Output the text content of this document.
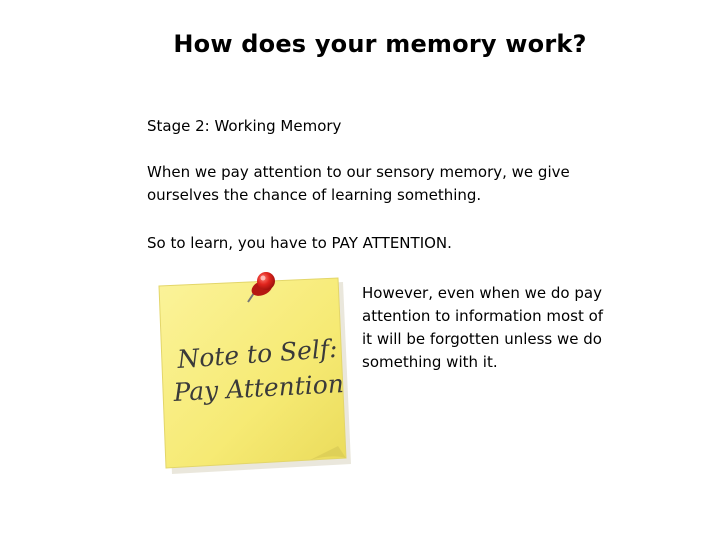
How does your memory work?

Stage 2: Working Memory

When we pay attention to our sensory memory, we give ourselves the chance of learning something.

So to learn, you have to PAY ATTENTION.

Note to Self:
Pay Attention

However, even when we do pay attention to information most of it will be forgotten unless we do something with it.
